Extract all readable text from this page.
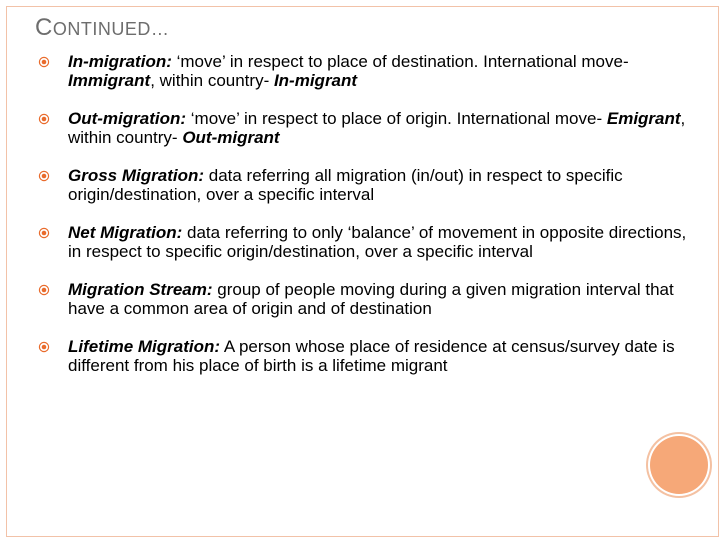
CONTINUED…
In-migration: ‘move’ in respect to place of destination. International move- Immigrant, within country- In-migrant
Out-migration: ‘move’ in respect to place of origin. International move- Emigrant, within country- Out-migrant
Gross Migration: data referring all migration (in/out) in respect to specific origin/destination, over a specific interval
Net Migration: data referring to only ‘balance’ of movement in opposite directions, in respect to specific origin/destination, over a specific interval
Migration Stream: group of people moving during a given migration interval that have a common area of origin and of destination
Lifetime Migration: A person whose place of residence at census/survey date is different from his place of birth is a lifetime migrant
